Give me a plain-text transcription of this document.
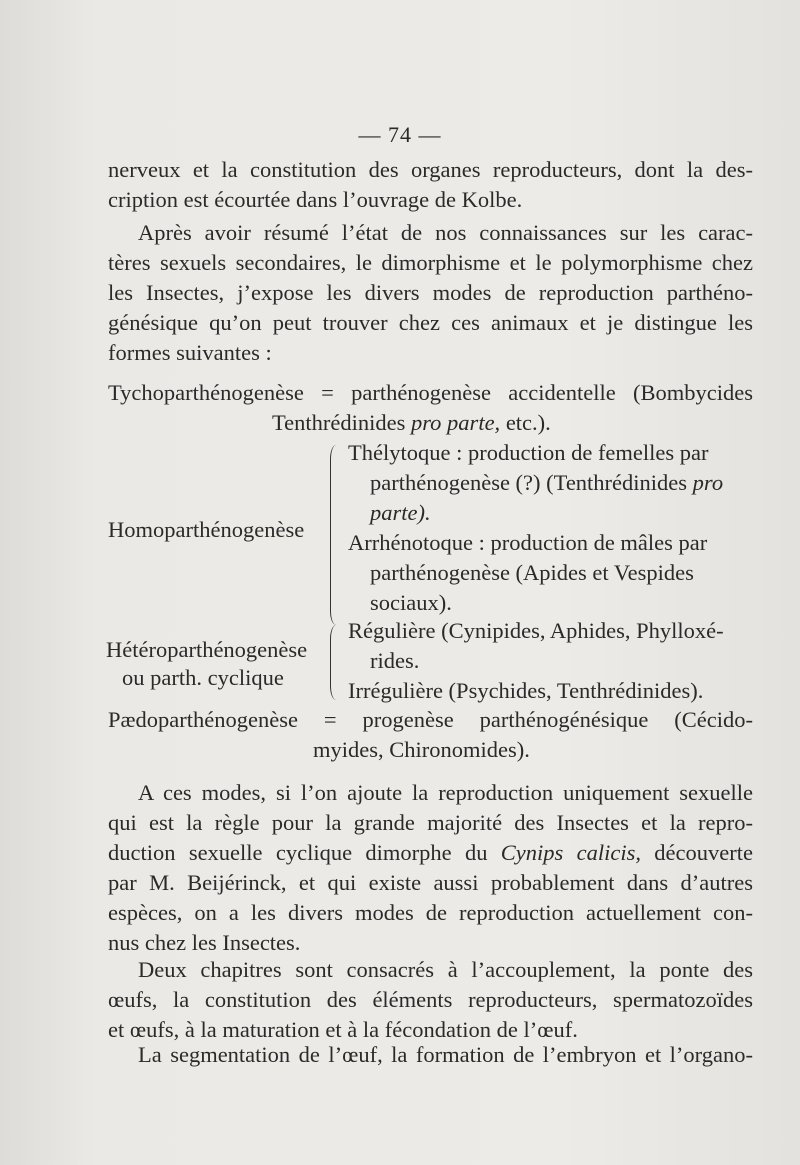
— 74 —
nerveux et la constitution des organes reproducteurs, dont la des-
cription est écourtée dans l’ouvrage de Kolbe.
Après avoir résumé l’état de nos connaissances sur les carac-
tères sexuels secondaires, le dimorphisme et le polymorphisme chez
les Insectes, j’expose les divers modes de reproduction parthéno-
génésique qu’on peut trouver chez ces animaux et je distingue les
formes suivantes :
Tychoparthénogenèse = parthénogenèse accidentelle (Bombycides
Tenthrédinides pro parte, etc.).
Homoparthénogenèse
Thélytoque : production de femelles par
parthénogenèse (?) (Tenthrédinides pro
parte).
Arrhénotoque : production de mâles par
parthénogenèse (Apides et Vespides
sociaux).
Hétéroparthénogenèse
ou parth. cyclique
Régulière (Cynipides, Aphides, Phylloxé-
rides.
Irrégulière (Psychides, Tenthrédinides).
Pædoparthénogenèse = progenèse parthénogénésique (Cécido-
myides, Chironomides).
A ces modes, si l’on ajoute la reproduction uniquement sexuelle
qui est la règle pour la grande majorité des Insectes et la repro-
duction sexuelle cyclique dimorphe du Cynips calicis, découverte
par M. Beijérinck, et qui existe aussi probablement dans d’autres
espèces, on a les divers modes de reproduction actuellement con-
nus chez les Insectes.
Deux chapitres sont consacrés à l’accouplement, la ponte des
œufs, la constitution des éléments reproducteurs, spermatozoïdes
et œufs, à la maturation et à la fécondation de l’œuf.
La segmentation de l’œuf, la formation de l’embryon et l’organo-
